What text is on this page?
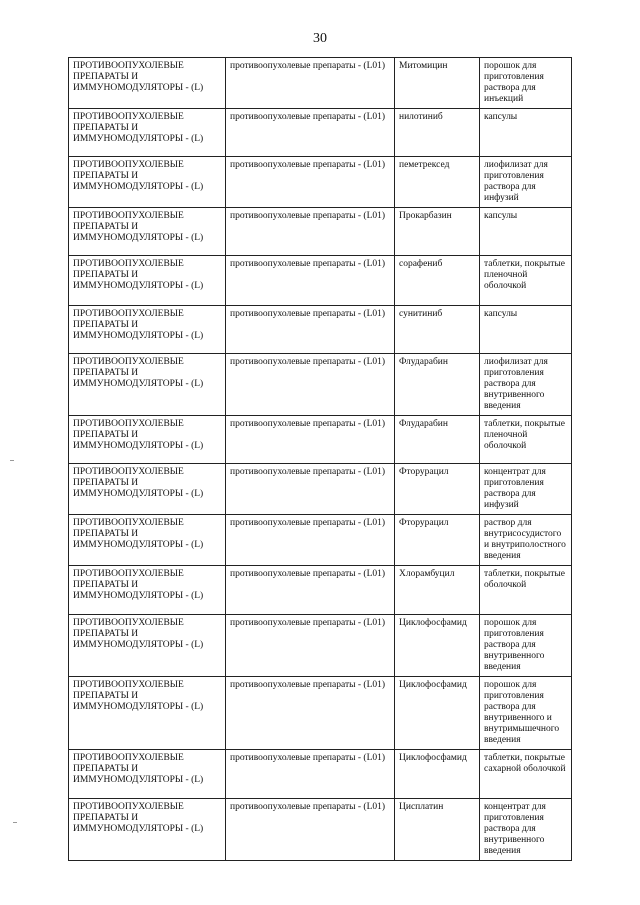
30
ПРОТИВООПУХОЛЕВЫЕ ПРЕПАРАТЫ И ИММУНОМОДУЛЯТОРЫ - (L)	противоопухолевые препараты - (L01)	Митомицин	порошок для приготовления раствора для инъекций
ПРОТИВООПУХОЛЕВЫЕ ПРЕПАРАТЫ И ИММУНОМОДУЛЯТОРЫ - (L)	противоопухолевые препараты - (L01)	нилотиниб	капсулы
ПРОТИВООПУХОЛЕВЫЕ ПРЕПАРАТЫ И ИММУНОМОДУЛЯТОРЫ - (L)	противоопухолевые препараты - (L01)	пеметрексед	лиофилизат для приготовления раствора для инфузий
ПРОТИВООПУХОЛЕВЫЕ ПРЕПАРАТЫ И ИММУНОМОДУЛЯТОРЫ - (L)	противоопухолевые препараты - (L01)	Прокарбазин	капсулы
ПРОТИВООПУХОЛЕВЫЕ ПРЕПАРАТЫ И ИММУНОМОДУЛЯТОРЫ - (L)	противоопухолевые препараты - (L01)	сорафениб	таблетки, покрытые пленочной оболочкой
ПРОТИВООПУХОЛЕВЫЕ ПРЕПАРАТЫ И ИММУНОМОДУЛЯТОРЫ - (L)	противоопухолевые препараты - (L01)	сунитиниб	капсулы
ПРОТИВООПУХОЛЕВЫЕ ПРЕПАРАТЫ И ИММУНОМОДУЛЯТОРЫ - (L)	противоопухолевые препараты - (L01)	Флударабин	лиофилизат для приготовления раствора для внутривенного введения
ПРОТИВООПУХОЛЕВЫЕ ПРЕПАРАТЫ И ИММУНОМОДУЛЯТОРЫ - (L)	противоопухолевые препараты - (L01)	Флударабин	таблетки, покрытые пленочной оболочкой
ПРОТИВООПУХОЛЕВЫЕ ПРЕПАРАТЫ И ИММУНОМОДУЛЯТОРЫ - (L)	противоопухолевые препараты - (L01)	Фторурацил	концентрат для приготовления раствора для инфузий
ПРОТИВООПУХОЛЕВЫЕ ПРЕПАРАТЫ И ИММУНОМОДУЛЯТОРЫ - (L)	противоопухолевые препараты - (L01)	Фторурацил	раствор для внутрисосудистого и внутриполостного введения
ПРОТИВООПУХОЛЕВЫЕ ПРЕПАРАТЫ И ИММУНОМОДУЛЯТОРЫ - (L)	противоопухолевые препараты - (L01)	Хлорамбуцил	таблетки, покрытые оболочкой
ПРОТИВООПУХОЛЕВЫЕ ПРЕПАРАТЫ И ИММУНОМОДУЛЯТОРЫ - (L)	противоопухолевые препараты - (L01)	Циклофосфамид	порошок для приготовления раствора для внутривенного введения
ПРОТИВООПУХОЛЕВЫЕ ПРЕПАРАТЫ И ИММУНОМОДУЛЯТОРЫ - (L)	противоопухолевые препараты - (L01)	Циклофосфамид	порошок для приготовления раствора для внутривенного и внутримышечного введения
ПРОТИВООПУХОЛЕВЫЕ ПРЕПАРАТЫ И ИММУНОМОДУЛЯТОРЫ - (L)	противоопухолевые препараты - (L01)	Циклофосфамид	таблетки, покрытые сахарной оболочкой
ПРОТИВООПУХОЛЕВЫЕ ПРЕПАРАТЫ И ИММУНОМОДУЛЯТОРЫ - (L)	противоопухолевые препараты - (L01)	Цисплатин	концентрат для приготовления раствора для внутривенного введения
